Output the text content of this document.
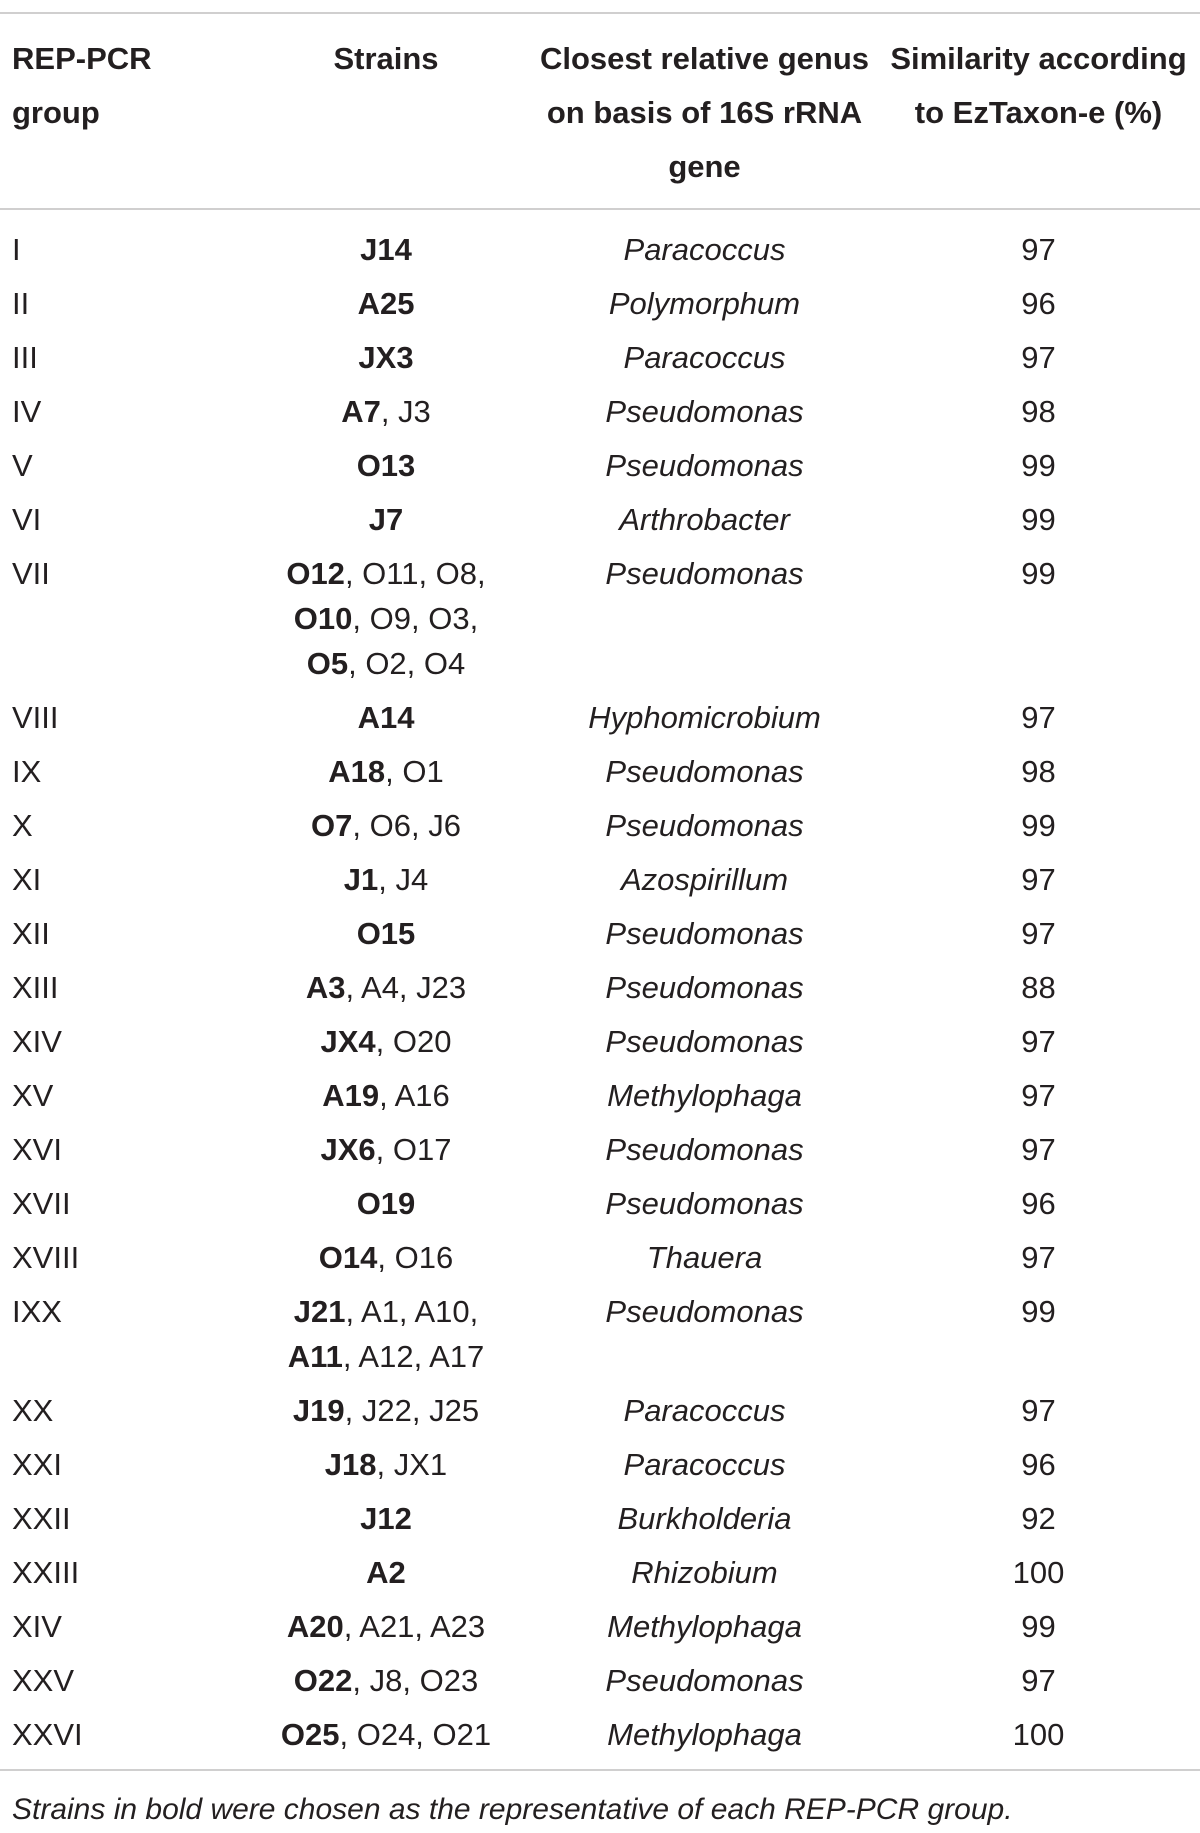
REP-PCR group	Strains	Closest relative genus on basis of 16S rRNA gene	Similarity according to EzTaxon-e (%)
I	J14	Paracoccus	97
II	A25	Polymorphum	96
III	JX3	Paracoccus	97
IV	A7, J3	Pseudomonas	98
V	O13	Pseudomonas	99
VI	J7	Arthrobacter	99
VII	O12, O11, O8,
O10, O9, O3,
O5, O2, O4	Pseudomonas	99
VIII	A14	Hyphomicrobium	97
IX	A18, O1	Pseudomonas	98
X	O7, O6, J6	Pseudomonas	99
XI	J1, J4	Azospirillum	97
XII	O15	Pseudomonas	97
XIII	A3, A4, J23	Pseudomonas	88
XIV	JX4, O20	Pseudomonas	97
XV	A19, A16	Methylophaga	97
XVI	JX6, O17	Pseudomonas	97
XVII	O19	Pseudomonas	96
XVIII	O14, O16	Thauera	97
IXX	J21, A1, A10,
A11, A12, A17	Pseudomonas	99
XX	J19, J22, J25	Paracoccus	97
XXI	J18, JX1	Paracoccus	96
XXII	J12	Burkholderia	92
XXIII	A2	Rhizobium	100
XIV	A20, A21, A23	Methylophaga	99
XXV	O22, J8, O23	Pseudomonas	97
XXVI	O25, O24, O21	Methylophaga	100
Strains in bold were chosen as the representative of each REP-PCR group.
